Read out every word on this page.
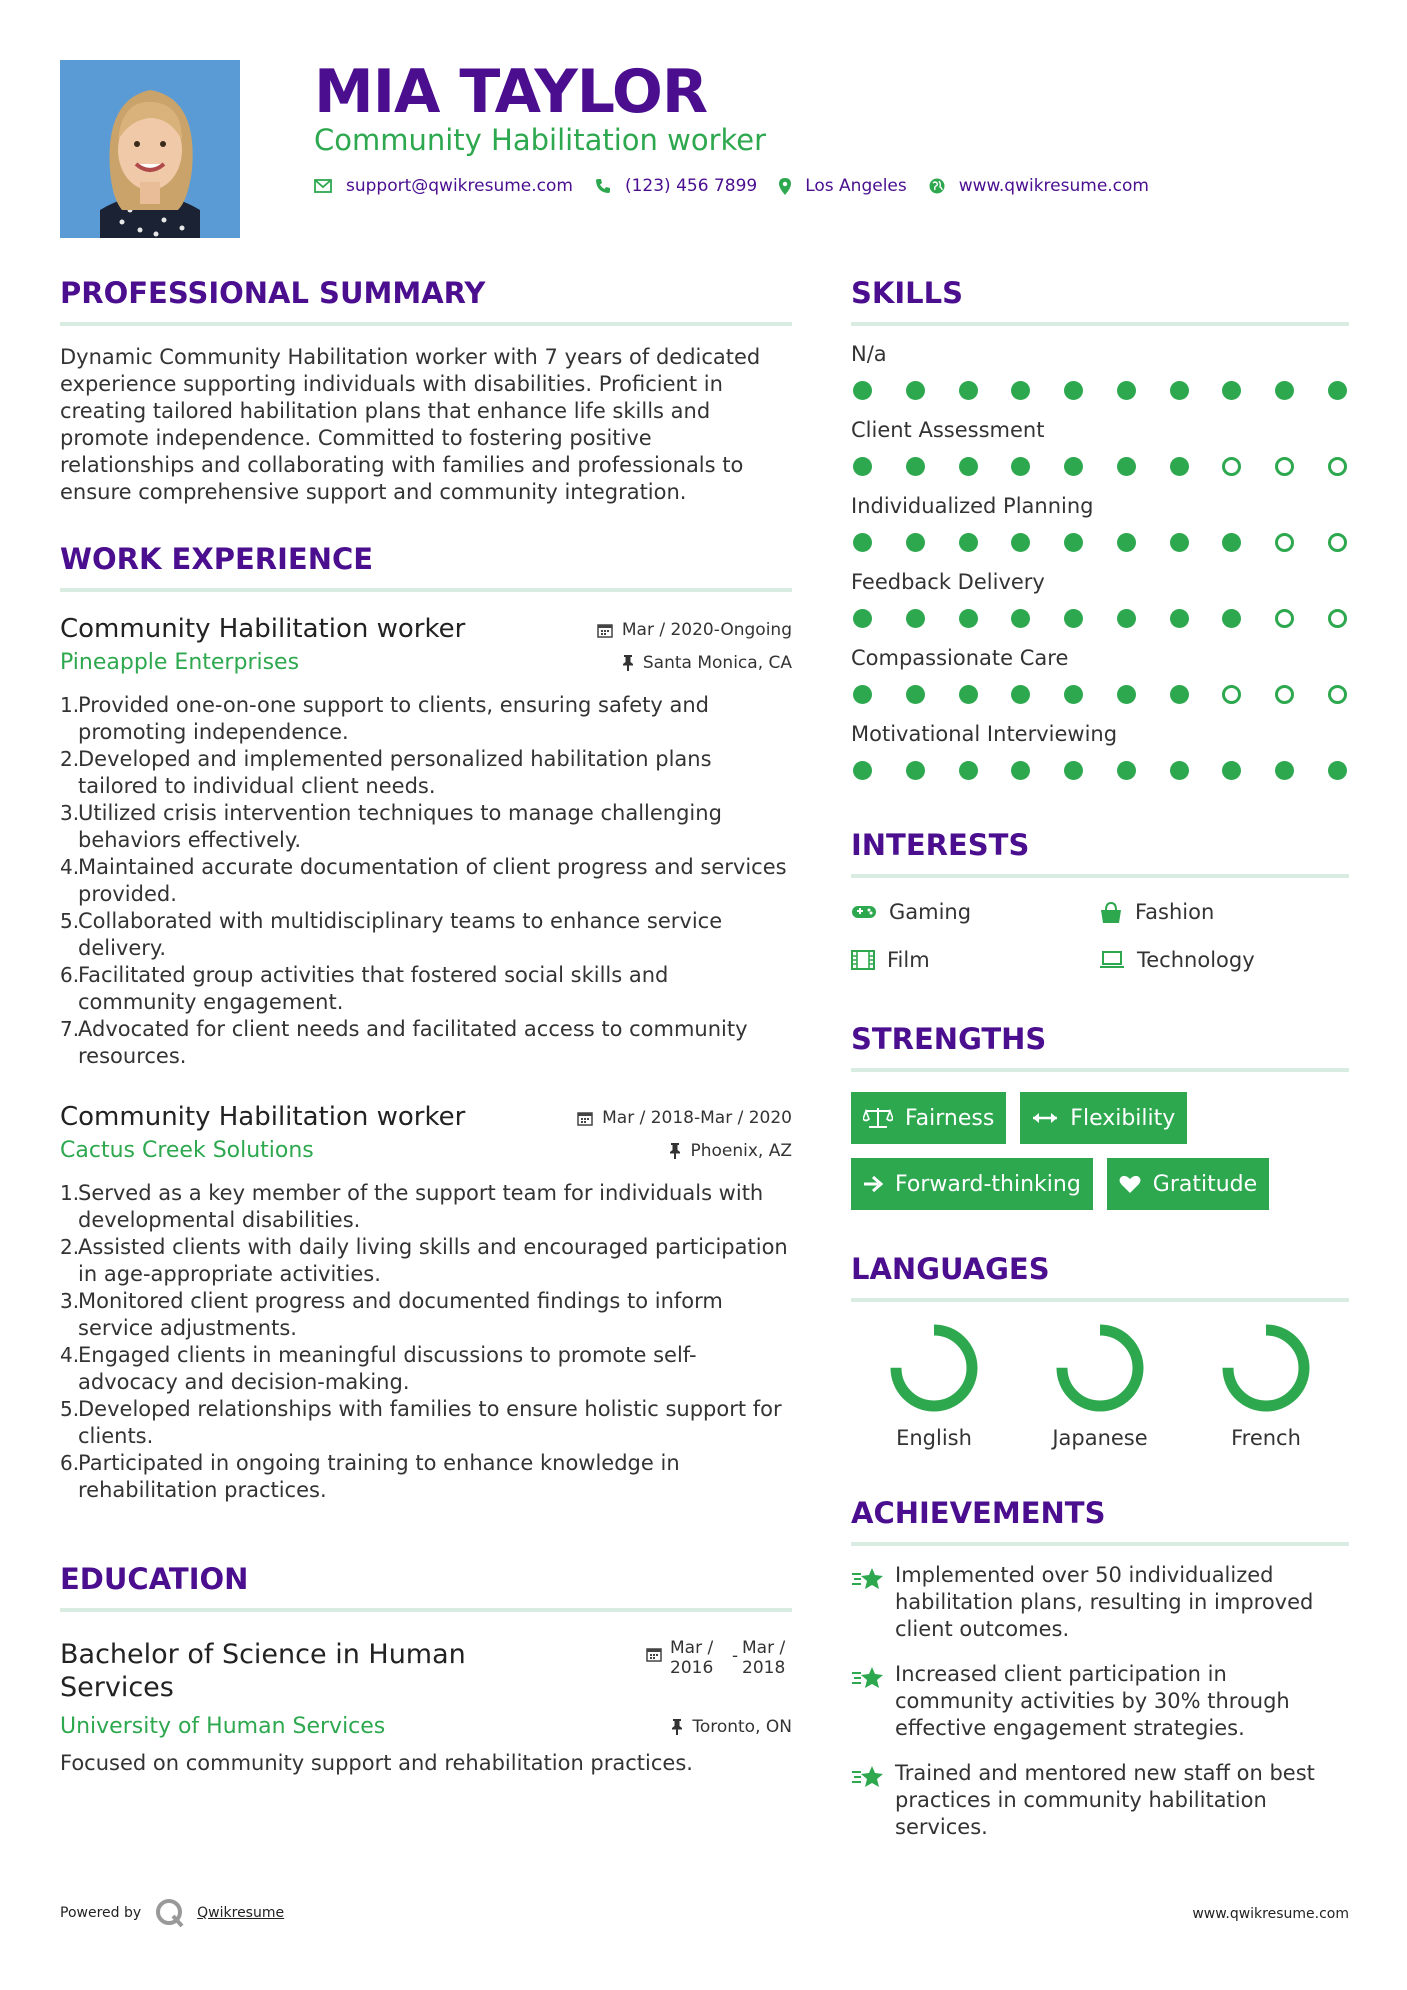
MIA TAYLOR
Community Habilitation worker
support@qwikresume.com	(123) 456 7899	Los Angeles	www.qwikresume.com
PROFESSIONAL SUMMARY
Dynamic Community Habilitation worker with 7 years of dedicated experience supporting individuals with disabilities. Proficient in creating tailored habilitation plans that enhance life skills and promote independence. Committed to fostering positive relationships and collaborating with families and professionals to ensure comprehensive support and community integration.
WORK EXPERIENCE
Community Habilitation worker	Mar / 2020-Ongoing
Pineapple Enterprises	Santa Monica, CA
1.
Provided one-on-one support to clients, ensuring safety and promoting independence.
2.
Developed and implemented personalized habilitation plans tailored to individual client needs.
3.
Utilized crisis intervention techniques to manage challenging behaviors effectively.
4.
Maintained accurate documentation of client progress and services provided.
5.
Collaborated with multidisciplinary teams to enhance service delivery.
6.
Facilitated group activities that fostered social skills and community engagement.
7.
Advocated for client needs and facilitated access to community resources.
Community Habilitation worker	Mar / 2018-Mar / 2020
Cactus Creek Solutions	Phoenix, AZ
1.
Served as a key member of the support team for individuals with developmental disabilities.
2.
Assisted clients with daily living skills and encouraged participation in age-appropriate activities.
3.
Monitored client progress and documented findings to inform service adjustments.
4.
Engaged clients in meaningful discussions to promote self-advocacy and decision-making.
5.
Developed relationships with families to ensure holistic support for clients.
6.
Participated in ongoing training to enhance knowledge in rehabilitation practices.
EDUCATION
Bachelor of Science in Human Services
Mar / 2016
- Mar / 2018
University of Human Services	Toronto, ON
Focused on community support and rehabilitation practices.
SKILLS
N/a
Client Assessment
Individualized Planning
Feedback Delivery
Compassionate Care
Motivational Interviewing
INTERESTS
Gaming	Fashion
Film	Technology
STRENGTHS
Fairness	Flexibility
Forward-thinking	Gratitude
LANGUAGES
English	Japanese	French
ACHIEVEMENTS
Implemented over 50 individualized habilitation plans, resulting in improved client outcomes.
Increased client participation in community activities by 30% through effective engagement strategies.
Trained and mentored new staff on best practices in community habilitation services.
Powered by	Qwikresume	www.qwikresume.com
